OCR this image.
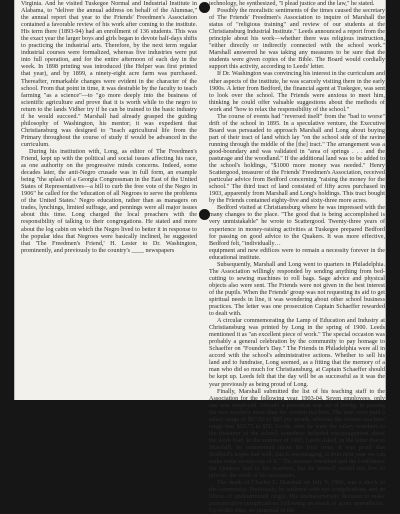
Virginia. And he visited Tuskegee Normal and Industrial Institute in Alabama, to "deliver the annual address on behalf of the Alumnae," the annual report that year to the Friends' Freedmen's Association contained a favorable review of his work after coming to the institute. His term there (1893-94) had an enrollment of 136 students. This was the exact year the larger boys and girls began to devote half-days shifts to practicing the industrial arts. Therefore, by the next term regular industrial courses were formalized, whereas five industries were put into full operation, and for the entire afternoon of each day in the week. In 1898 printing was introduced (the Helper was first printed that year), and by 1899, a ninety-eight acre farm was purchased. Thereafter, remarkable changes were evident in the character of the school. From that point in time, it was desirable by the faculty to teach farming "as a science"—to "go more deeply into the business of scientific agriculture and prove that it is worth while to the negro to return to the lands Vidher try if he can be trained to the basic industry if he would succeed." Marshall had already grasped the guiding philosophy of Washington, his mentor; it was expedient that Christiansburg was designed to "teach agricultural life from the Primary throughout the course of study if would be advanced in the curriculum.

During his institution with, Long, as editor of The Freedmen's Friend, kept up with the political and social issues affecting his race, as one authority on the progressive minds concerns. Indeed, some decades later, the anti-Negro crusade was in full form, an example being "the splash of a Georgia Congressman in the East of the United States of Representatives—a bill to curb the free vote of the Negro in 1906" he called for the 'education of all Negroes to serve the problems of the United States.' Negro education, rather than as managers on trades, lynchings, limited suffrage, and pennings were all major issues about this time. Long charged the local preachers with the responsibility of talking to their congregations. He stated and more about the log cabin on which the Negro lived to better it in response to the popular idea that Negroes were basically inclined, he suggested that 'The Freedmen's Friend,' H. Lester to Dr. Washington, prominently, and previously to the country's ____ newspapers

technology, he synthesized, "I plead justice and the law," he stated.

Possibly the moralistic sentiments of the times caused the secretary of The Friends' Freedmen's Association to inquire of Marshall the status of "religious training" and review of our students at the Christiansburg Industrial Institute." Leeds announced a report from the principle about his work—whether there was religious instruction, "either directly or indirectly connected with the school work." Marshall answered he was taking any measures to be sure that the students were given copies of the Bible. The Board would cordially support this activity, according to Leeds' letter.

If Dr. Washington was convincing his interest in the curriculum and other aspects of the institute, he was scarcely visiting there in the early 1900s. A letter from Bedford, the financial agent at Tuskegee, was sent to look over the school. The Friends were anxious to meet him, thinking he could offer valuable suggestions about the methods of work and "how to relax the responsibility of the school."

The course of events had "reversed itself" from the "bad to worse" drift of the school in 1895. In a speculative venture, the Executive Board was persuaded to approach Marshall and Long about buying part of their tract of land which lay "on the school side of the ravine running through the middle of the [the] tract." The arrangement was a good-boundary and was validated in "area of springs . . . and the pasturage and the woodland." If the additional land was to be added to the school's holdings, "$1000 more money was needed." Henry Scattergood, treasurer of the Friends' Freedmen's Association, received particular advice from Bedford concerning "raising the money for the school." The third tract of land consisted of fifty acres purchased in 1903, apparently from Marshall and Long's holdings. This tract bought by the Friends contained eighty-five and sixty-three more acres.

Bedford visited at Christiansburg where he was impressed with the many changes to the place. "The good that is being accomplished is very unmistakable" he wrote to Scattergood. Twenty-three years of experience in money-raising activities at Tuskegee prepared Bedford for passing on good advice to the Quakers. It was more effective, Bedford felt, "individually…

equipment and new edifices were to remain a necessity forever in the educational institute.

Subsequently, Marshall and Long went to quarters in Philadelphia. The Association willingly responded by sending anything from bed-cutting to sewing machines to roll bags. Sage advice and physical objects also were sent. The Friends were not given in the best interest of the pupils. When the Friends' group was not requesting its aid to get spiritual needs in line, it was wondering about other school business practices. The letter was one prosecution Captain Schaeffer rewarded to dealt with.

A circular commemorating the Lamp of Education and Industry at Christiansburg was printed by Long in the spring of 1900. Leeds mentioned it as "an excellent piece of work." The special occasion was probably a general celebration by the community to pay homage to Schaeffer on "Founder's Day." The Friends in Philadelphia were all in accord with the school's administrative actions. Whether to sell his land and to fundraise, Long seemed, as a fitting that the memory of a man who did so much for Christiansburg, at Captain Schaeffer should be kept up. Leeds felt that the day will be as successful as it was the year previously as being proud of Long.

Finally, Marshall submitted the list of his teaching staff to the Association for the following year, 1903-04. Seven employees, only one was employed. Already a precedent was set of hiring, in passing the new teachers more than the women teachers. The men were paid a salary range of $67.50 to $85 per month, whereas the women teachers' range was $33.75 to $50. Leeds, after he went the salary vouchers to the treasurer of the school, somehow included encouragement about the work load. In the summer of 1903, Leeds asked, in the letter that to Marshall, he commented about the fruit trees. It was proof that Bedford's hopes had well; this is encouraging, is fruit next year we can make some money out of it." The manner remained and the confidence the Quakers had in his teachers, but he himself would not live to procure the work of his successors.

The death of Charles L. Marshall on July 9, 1906, was a shock to the community. Previously, he suffered with eye complications and an illness of undetermined origin. His uncharacteristic decision to make postoperative complications following an attack of acute appendicitis. Up to this time, no principal of the
